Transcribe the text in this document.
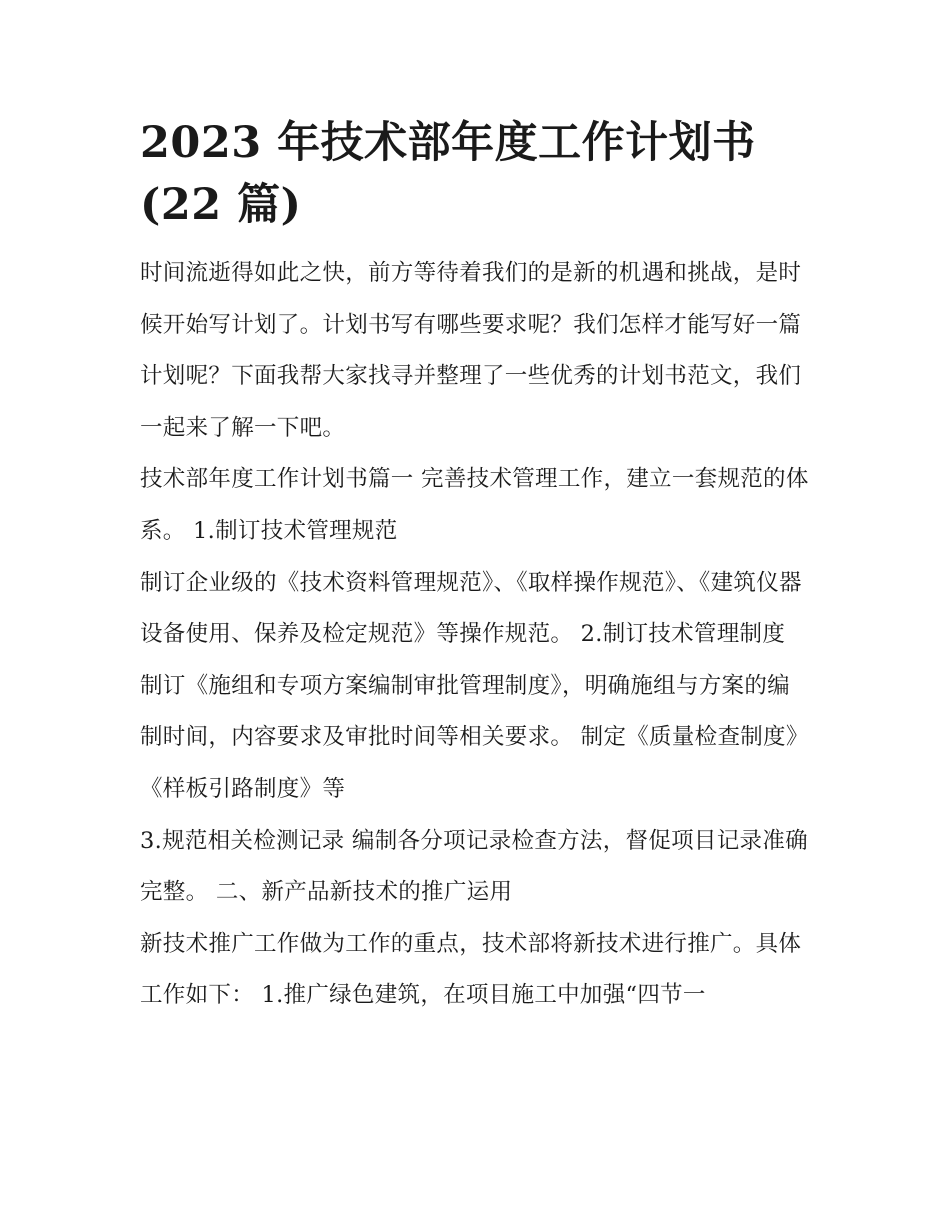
2023 年技术部年度工作计划书
(22 篇)

时间流逝得如此之快，前方等待着我们的是新的机遇和挑战，是时候开始写计划了。计划书写有哪些要求呢？我们怎样才能写好一篇计划呢？下面我帮大家找寻并整理了一些优秀的计划书范文，我们一起来了解一下吧。

技术部年度工作计划书篇一 完善技术管理工作，建立一套规范的体系。 1.制订技术管理规范

制订企业级的《技术资料管理规范》、《取样操作规范》、《建筑仪器设备使用、保养及检定规范》等操作规范。 2.制订技术管理制度

制订《施组和专项方案编制审批管理制度》，明确施组与方案的编制时间，内容要求及审批时间等相关要求。 制定《质量检查制度》《样板引路制度》等

3.规范相关检测记录 编制各分项记录检查方法，督促项目记录准确完整。 二、新产品新技术的推广运用

新技术推广工作做为工作的重点，技术部将新技术进行推广。具体工作如下： 1.推广绿色建筑，在项目施工中加强“四节一
